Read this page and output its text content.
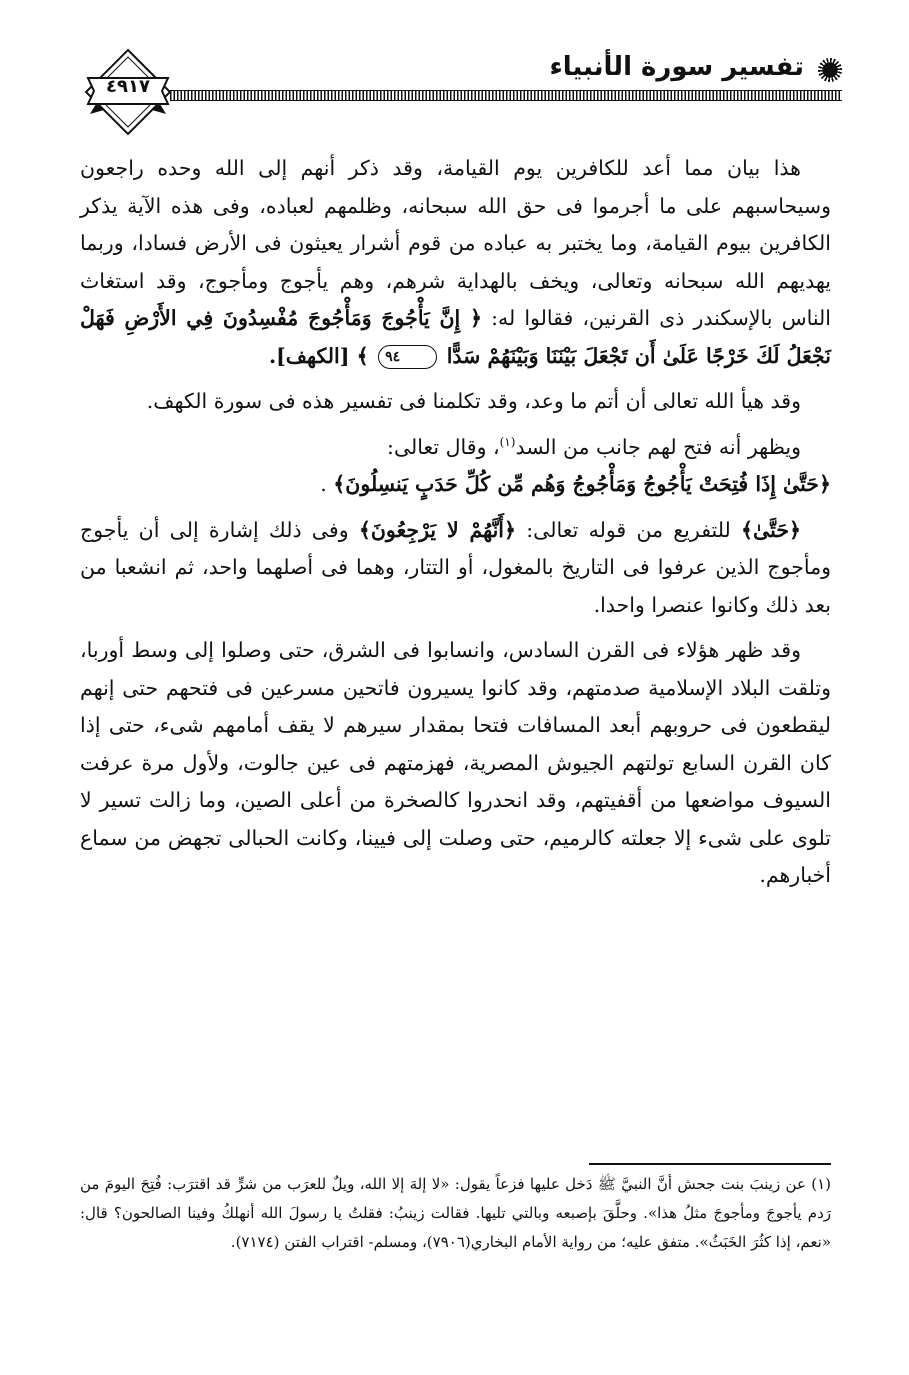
تفسير سورة الأنبياء
٤٩١٧

هذا بيان مما أعد للكافرين يوم القيامة، وقد ذكر أنهم إلى الله وحده راجعون وسيحاسبهم على ما أجرموا فى حق الله سبحانه، وظلمهم لعباده، وفى هذه الآية يذكر الكافرين بيوم القيامة، وما يختبر به عباده من قوم أشرار يعيثون فى الأرض فسادا، وربما يهديهم الله سبحانه وتعالى، ويخف بالهداية شرهم، وهم يأجوج ومأجوج، وقد استغاث الناس بالإسكندر ذى القرنين، فقالوا له: ﴿ إِنَّ يَأْجُوجَ وَمَأْجُوجَ مُفْسِدُونَ فِي الأَرْضِ فَهَلْ نَجْعَلُ لَكَ خَرْجًا عَلَىٰ أَن تَجْعَلَ بَيْنَنَا وَبَيْنَهُمْ سَدًّا ٩٤ ﴾ [الكهف].

وقد هيأ الله تعالى أن أتم ما وعد، وقد تكلمنا فى تفسير هذه فى سورة الكهف.

ويظهر أنه فتح لهم جانب من السد$^{(١)}$، وقال تعالى:
﴿حَتَّىٰ إِذَا فُتِحَتْ يَأْجُوجُ وَمَأْجُوجُ وَهُم مِّن كُلِّ حَدَبٍ يَنسِلُونَ﴾ .

﴿حَتَّىٰ﴾ للتفريع من قوله تعالى: ﴿أَنَّهُمْ لا يَرْجِعُونَ﴾ وفى ذلك إشارة إلى أن يأجوج ومأجوج الذين عرفوا فى التاريخ بالمغول، أو التتار، وهما فى أصلهما واحد، ثم انشعبا من بعد ذلك وكانوا عنصرا واحدا.

وقد ظهر هؤلاء فى القرن السادس، وانسابوا فى الشرق، حتى وصلوا إلى وسط أوربا، وتلقت البلاد الإسلامية صدمتهم، وقد كانوا يسيرون فاتحين مسرعين فى فتحهم حتى إنهم ليقطعون فى حروبهم أبعد المسافات فتحا بمقدار سيرهم لا يقف أمامهم شىء، حتى إذا كان القرن السابع تولتهم الجيوش المصرية، فهزمتهم فى عين جالوت، ولأول مرة عرفت السيوف مواضعها من أقفيتهم، وقد انحدروا كالصخرة من أعلى الصين، وما زالت تسير لا تلوى على شىء إلا جعلته كالرميم، حتى وصلت إلى فيينا، وكانت الحبالى تجهض من سماع أخبارهم.

(١) عن زينبَ بنت جحش أنَّ النبيَّ ﷺ دَخل عليها فزعاً يقول: «لا إلهَ إلا الله، ويلٌ للعرَب من شرٍّ قد اقترَب: فُتِحَ اليومَ من رَدم يأجوجَ ومأجوجَ مثلُ هذا». وحلَّقَ بإصبعه وبالتي تليها. فقالت زينبُ: فقلتُ يا رسولَ الله أنهلكُ وفينا الصالحون؟ قال: «نعم، إذا كثُرَ الخَبَثُ». متفق عليه؛ من رواية الأمام البخاري(٧٩٠٦)، ومسلم- اقتراب الفتن (٧١٧٤).
